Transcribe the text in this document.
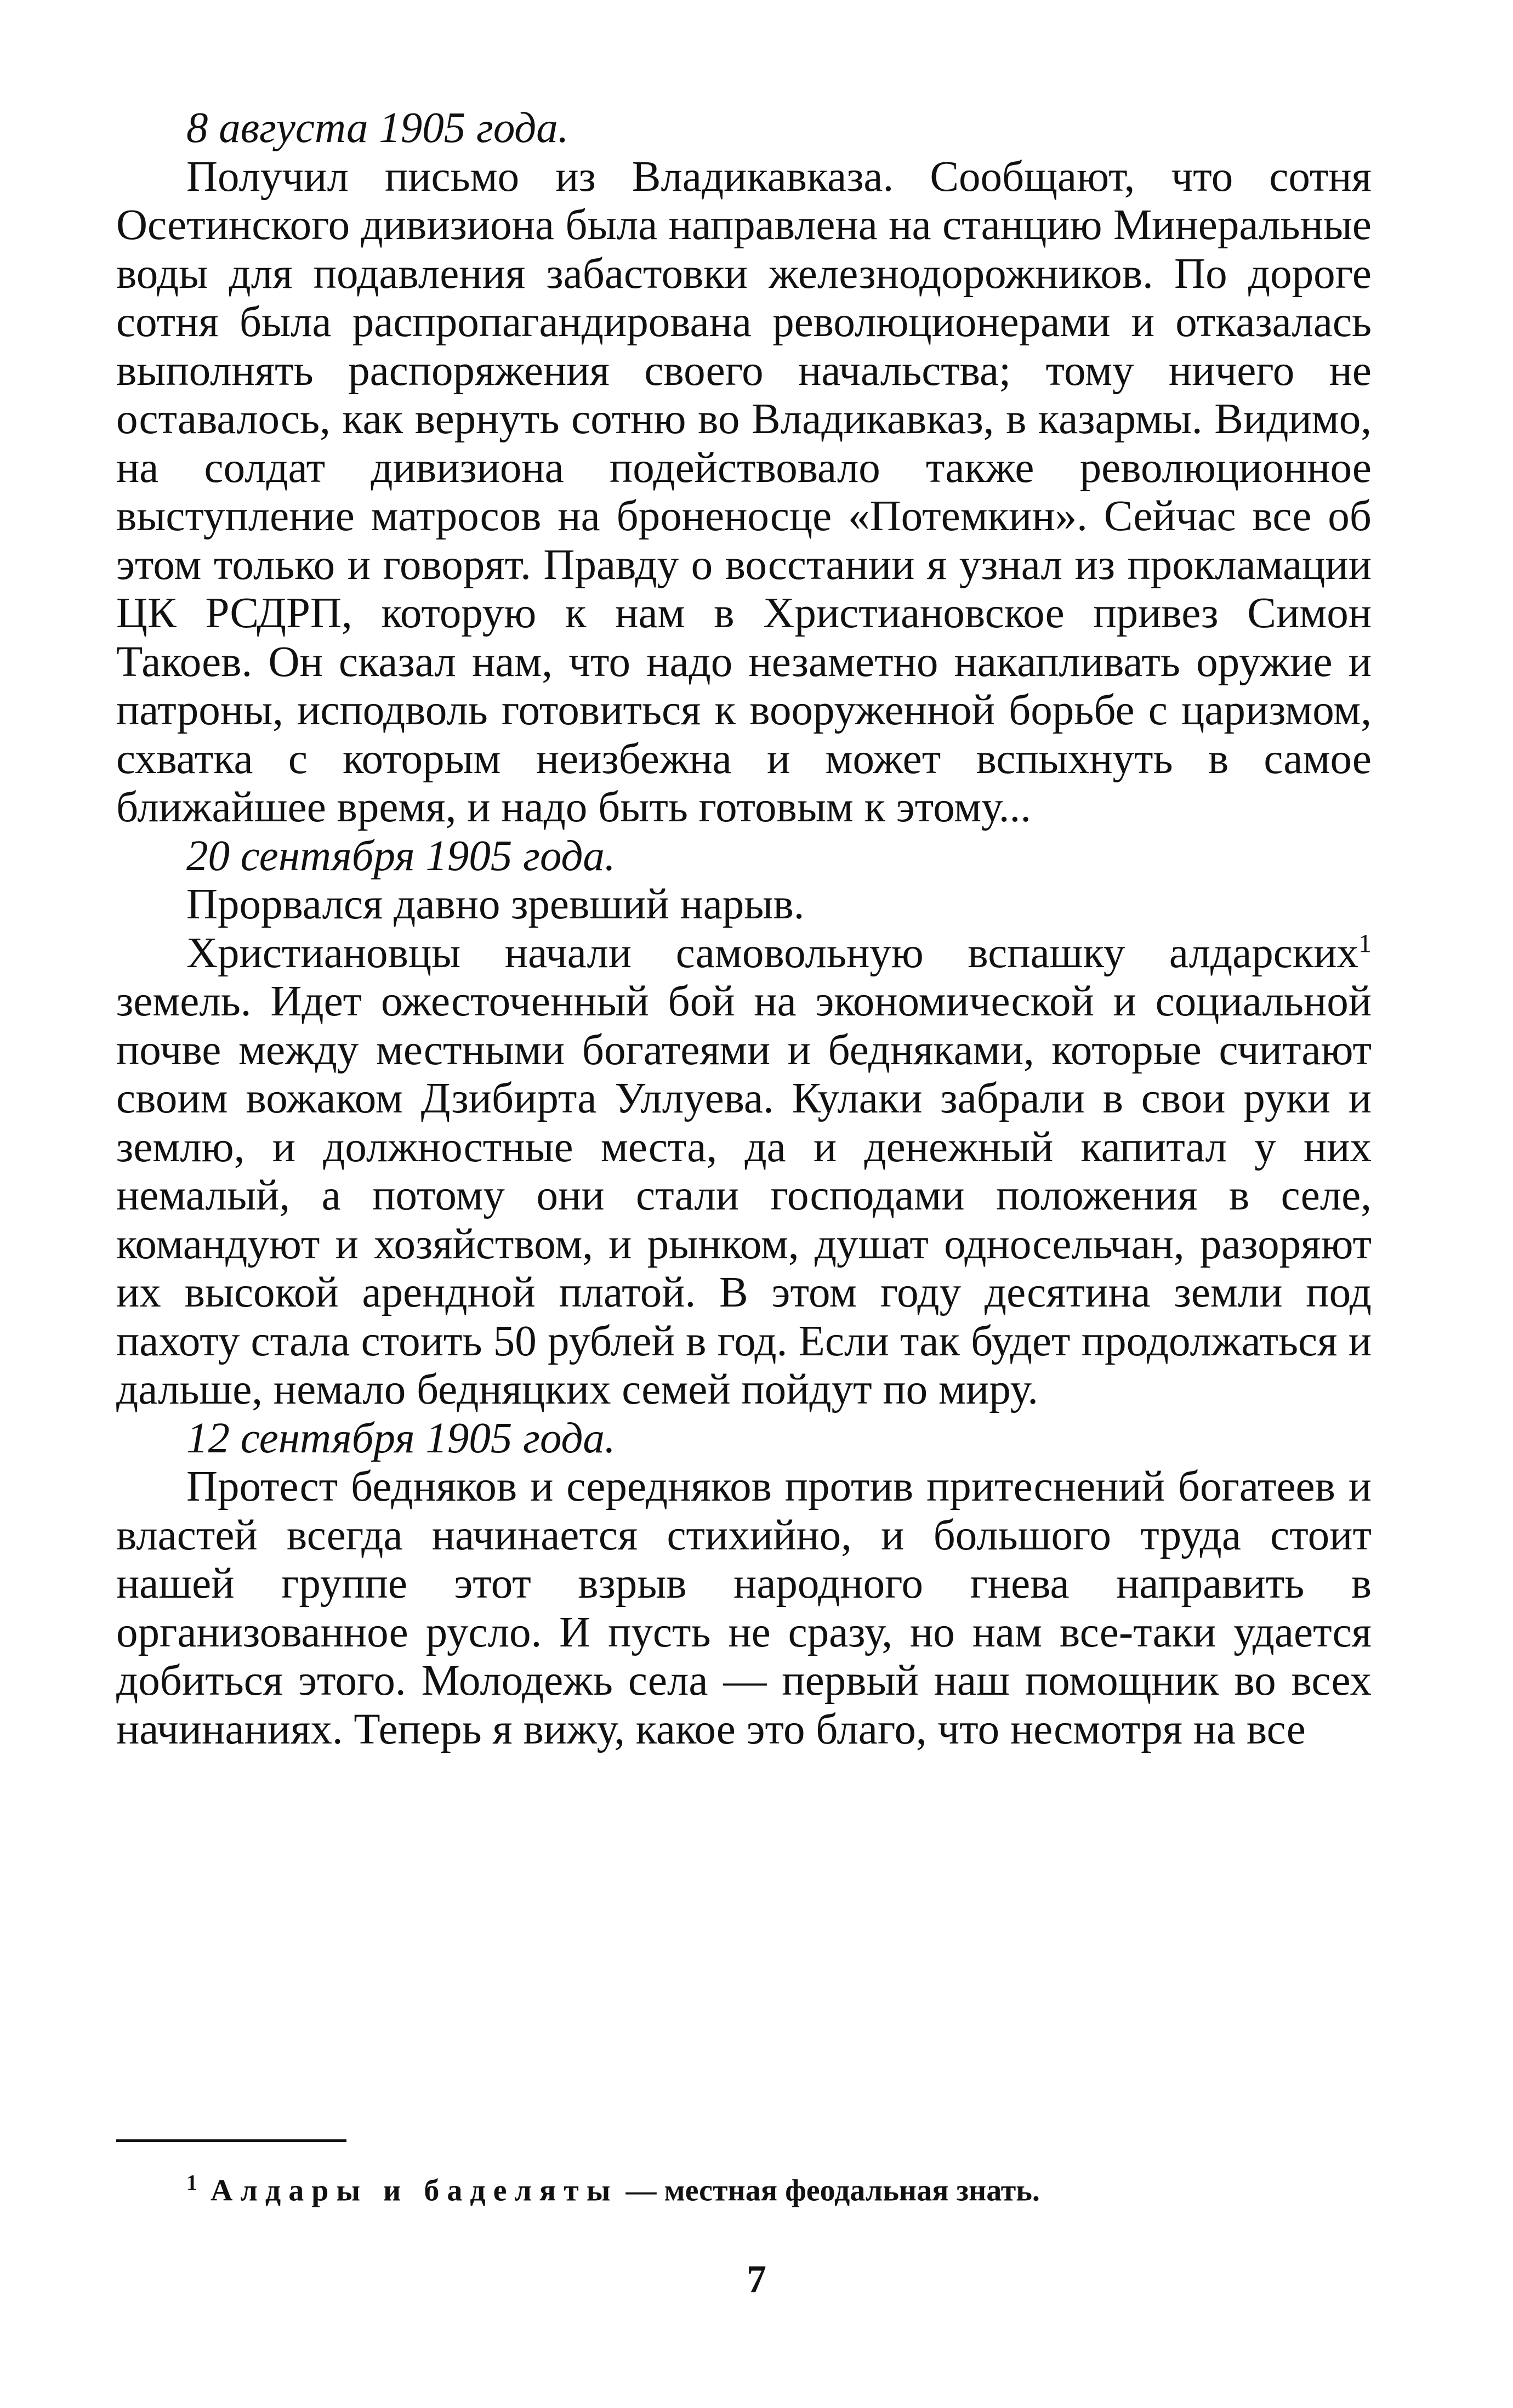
8 августа 1905 года.

Получил письмо из Владикавказа. Сообщают, что сотня Осетинского дивизиона была направлена на станцию Минеральные воды для подавления забастовки железнодорожников. По дороге сотня была распропагандирована революционерами и отказалась выполнять распоряжения своего начальства; тому ничего не оставалось, как вернуть сотню во Владикавказ, в казармы. Видимо, на солдат дивизиона подействовало также революционное выступление матросов на броненосце «Потемкин». Сейчас все об этом только и говорят. Правду о восстании я узнал из прокламации ЦК РСДРП, которую к нам в Христиановское привез Симон Такоев. Он сказал нам, что надо незаметно накапливать оружие и патроны, исподволь готовиться к вооруженной борьбе с царизмом, схватка с которым неизбежна и может вспыхнуть в самое ближайшее время, и надо быть готовым к этому...

20 сентября 1905 года.

Прорвался давно зревший нарыв.

Христиановцы начали самовольную вспашку алдарских$^1$ земель. Идет ожесточенный бой на экономической и социальной почве между местными богатеями и бедняками, которые считают своим вожаком Дзибирта Уллуева. Кулаки забрали в свои руки и землю, и должностные места, да и денежный капитал у них немалый, а потому они стали господами положения в селе, командуют и хозяйством, и рынком, душат односельчан, разоряют их высокой арендной платой. В этом году десятина земли под пахоту стала стоить 50 рублей в год. Если так будет продолжаться и дальше, немало бедняцких семей пойдут по миру.

12 сентября 1905 года.

Протест бедняков и середняков против притеснений богатеев и властей всегда начинается стихийно, и большого труда стоит нашей группе этот взрыв народного гнева направить в организованное русло. И пусть не сразу, но нам все-таки удается добиться этого. Молодежь села — первый наш помощник во всех начинаниях. Теперь я вижу, какое это благо, что несмотря на все

$^1$ Алдары и баделяты — местная феодальная знать.
7
